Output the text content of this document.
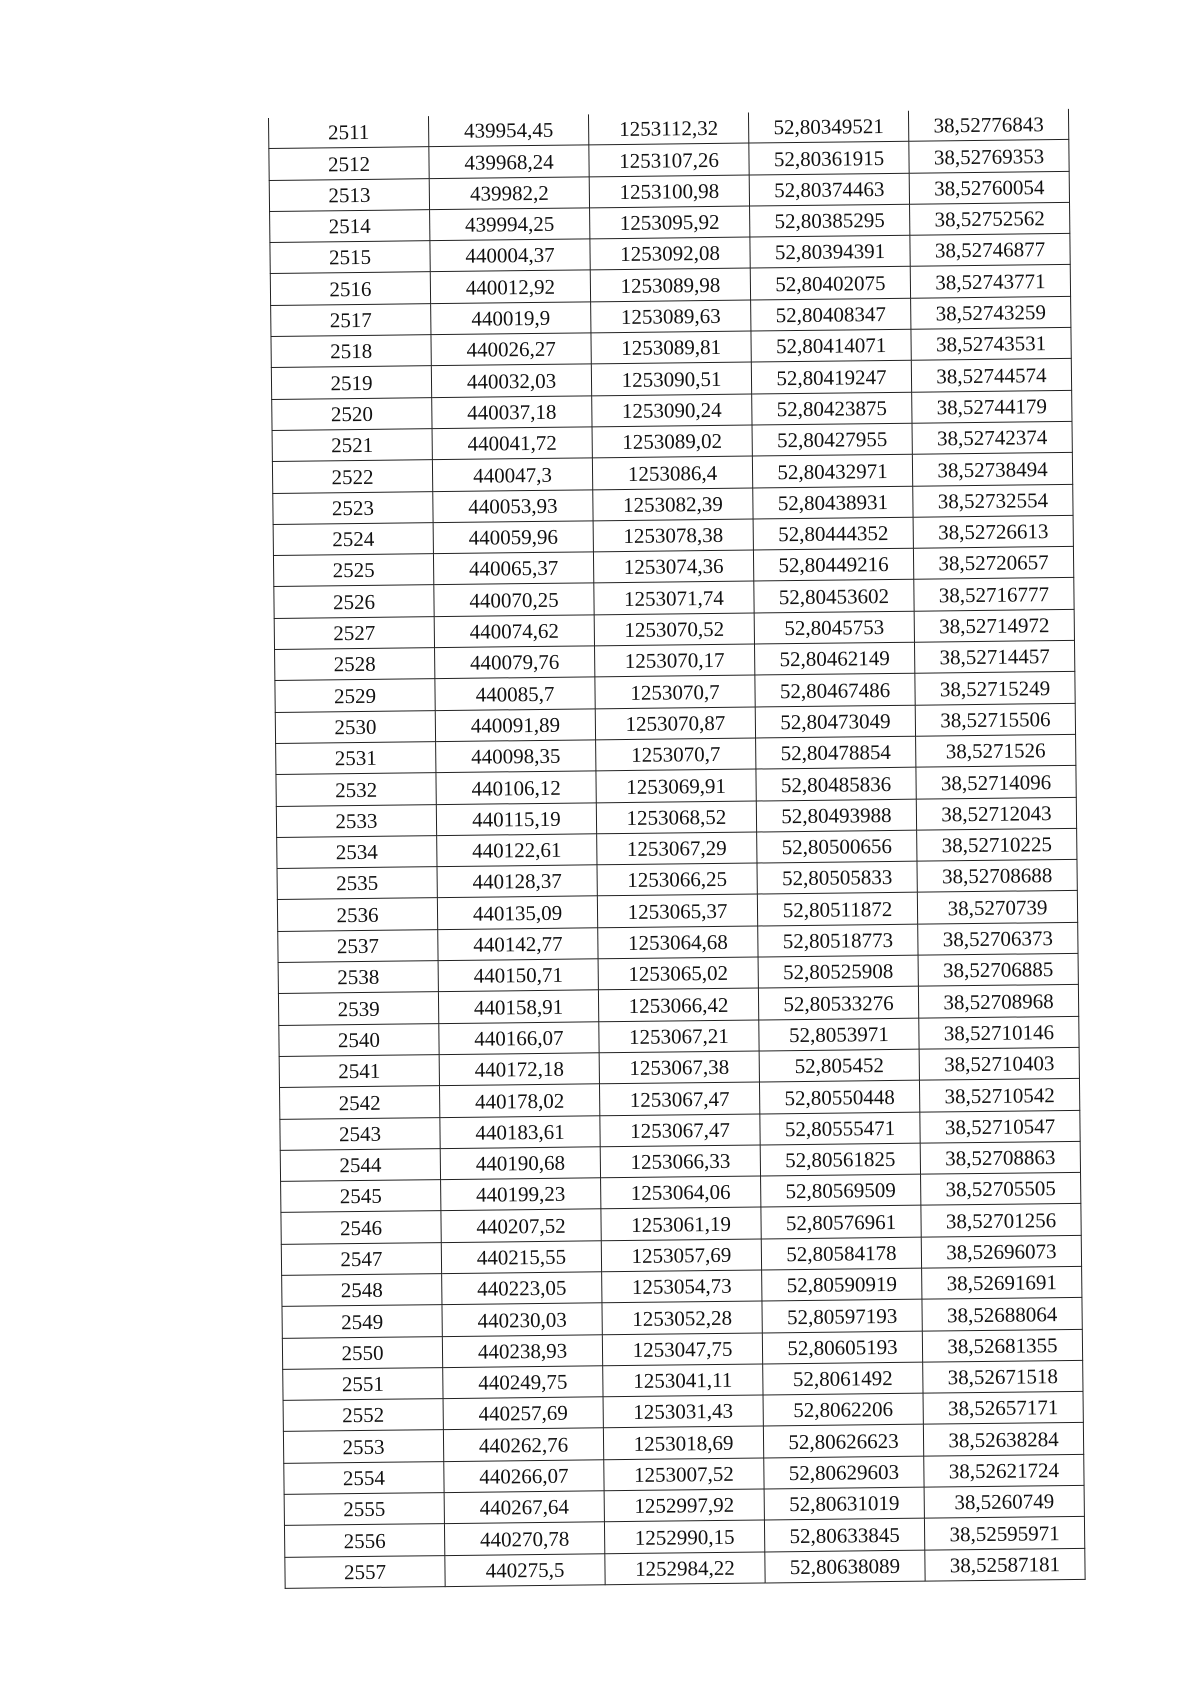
2511	439954,45	1253112,32	52,80349521	38,52776843
2512	439968,24	1253107,26	52,80361915	38,52769353
2513	439982,2	1253100,98	52,80374463	38,52760054
2514	439994,25	1253095,92	52,80385295	38,52752562
2515	440004,37	1253092,08	52,80394391	38,52746877
2516	440012,92	1253089,98	52,80402075	38,52743771
2517	440019,9	1253089,63	52,80408347	38,52743259
2518	440026,27	1253089,81	52,80414071	38,52743531
2519	440032,03	1253090,51	52,80419247	38,52744574
2520	440037,18	1253090,24	52,80423875	38,52744179
2521	440041,72	1253089,02	52,80427955	38,52742374
2522	440047,3	1253086,4	52,80432971	38,52738494
2523	440053,93	1253082,39	52,80438931	38,52732554
2524	440059,96	1253078,38	52,80444352	38,52726613
2525	440065,37	1253074,36	52,80449216	38,52720657
2526	440070,25	1253071,74	52,80453602	38,52716777
2527	440074,62	1253070,52	52,8045753	38,52714972
2528	440079,76	1253070,17	52,80462149	38,52714457
2529	440085,7	1253070,7	52,80467486	38,52715249
2530	440091,89	1253070,87	52,80473049	38,52715506
2531	440098,35	1253070,7	52,80478854	38,5271526
2532	440106,12	1253069,91	52,80485836	38,52714096
2533	440115,19	1253068,52	52,80493988	38,52712043
2534	440122,61	1253067,29	52,80500656	38,52710225
2535	440128,37	1253066,25	52,80505833	38,52708688
2536	440135,09	1253065,37	52,80511872	38,5270739
2537	440142,77	1253064,68	52,80518773	38,52706373
2538	440150,71	1253065,02	52,80525908	38,52706885
2539	440158,91	1253066,42	52,80533276	38,52708968
2540	440166,07	1253067,21	52,8053971	38,52710146
2541	440172,18	1253067,38	52,805452	38,52710403
2542	440178,02	1253067,47	52,80550448	38,52710542
2543	440183,61	1253067,47	52,80555471	38,52710547
2544	440190,68	1253066,33	52,80561825	38,52708863
2545	440199,23	1253064,06	52,80569509	38,52705505
2546	440207,52	1253061,19	52,80576961	38,52701256
2547	440215,55	1253057,69	52,80584178	38,52696073
2548	440223,05	1253054,73	52,80590919	38,52691691
2549	440230,03	1253052,28	52,80597193	38,52688064
2550	440238,93	1253047,75	52,80605193	38,52681355
2551	440249,75	1253041,11	52,8061492	38,52671518
2552	440257,69	1253031,43	52,8062206	38,52657171
2553	440262,76	1253018,69	52,80626623	38,52638284
2554	440266,07	1253007,52	52,80629603	38,52621724
2555	440267,64	1252997,92	52,80631019	38,5260749
2556	440270,78	1252990,15	52,80633845	38,52595971
2557	440275,5	1252984,22	52,80638089	38,52587181
